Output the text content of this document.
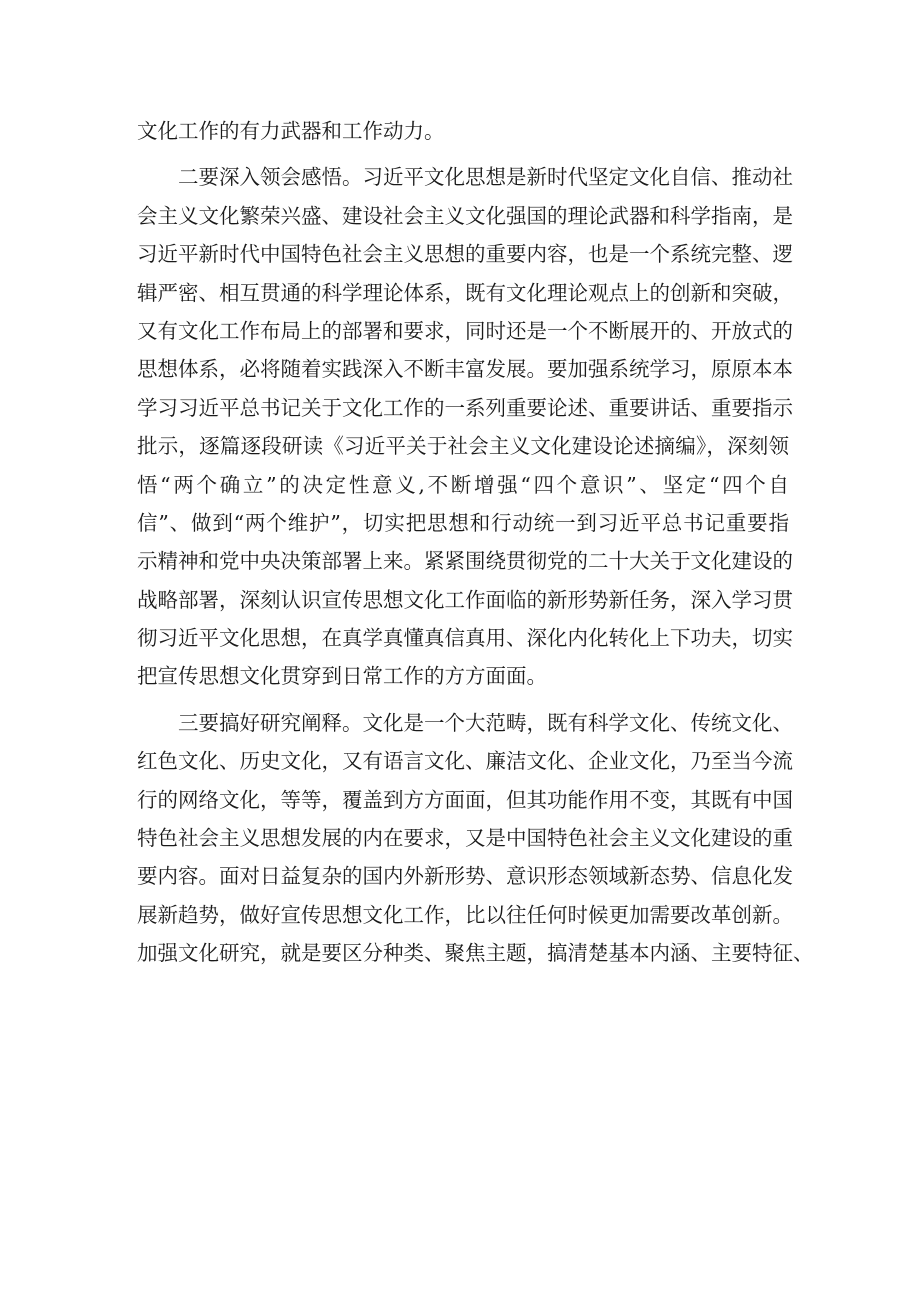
文化工作的有力武器和工作动力。
二要深入领会感悟。习近平文化思想是新时代坚定文化自信、推动社
会主义文化繁荣兴盛、建设社会主义文化强国的理论武器和科学指南，是
习近平新时代中国特色社会主义思想的重要内容，也是一个系统完整、逻
辑严密、相互贯通的科学理论体系，既有文化理论观点上的创新和突破，
又有文化工作布局上的部署和要求，同时还是一个不断展开的、开放式的
思想体系，必将随着实践深入不断丰富发展。要加强系统学习，原原本本
学习习近平总书记关于文化工作的一系列重要论述、重要讲话、重要指示
批示，逐篇逐段研读《习近平关于社会主义文化建设论述摘编》，深刻领
悟“两个确立”的决定性意义,不断增强“四个意识”、坚定“四个自
信”、做到“两个维护”，切实把思想和行动统一到习近平总书记重要指
示精神和党中央决策部署上来。紧紧围绕贯彻党的二十大关于文化建设的
战略部署，深刻认识宣传思想文化工作面临的新形势新任务，深入学习贯
彻习近平文化思想，在真学真懂真信真用、深化内化转化上下功夫，切实
把宣传思想文化贯穿到日常工作的方方面面。
三要搞好研究阐释。文化是一个大范畴，既有科学文化、传统文化、
红色文化、历史文化，又有语言文化、廉洁文化、企业文化，乃至当今流
行的网络文化，等等，覆盖到方方面面，但其功能作用不变，其既有中国
特色社会主义思想发展的内在要求，又是中国特色社会主义文化建设的重
要内容。面对日益复杂的国内外新形势、意识形态领域新态势、信息化发
展新趋势，做好宣传思想文化工作，比以往任何时候更加需要改革创新。
加强文化研究，就是要区分种类、聚焦主题，搞清楚基本内涵、主要特征、
